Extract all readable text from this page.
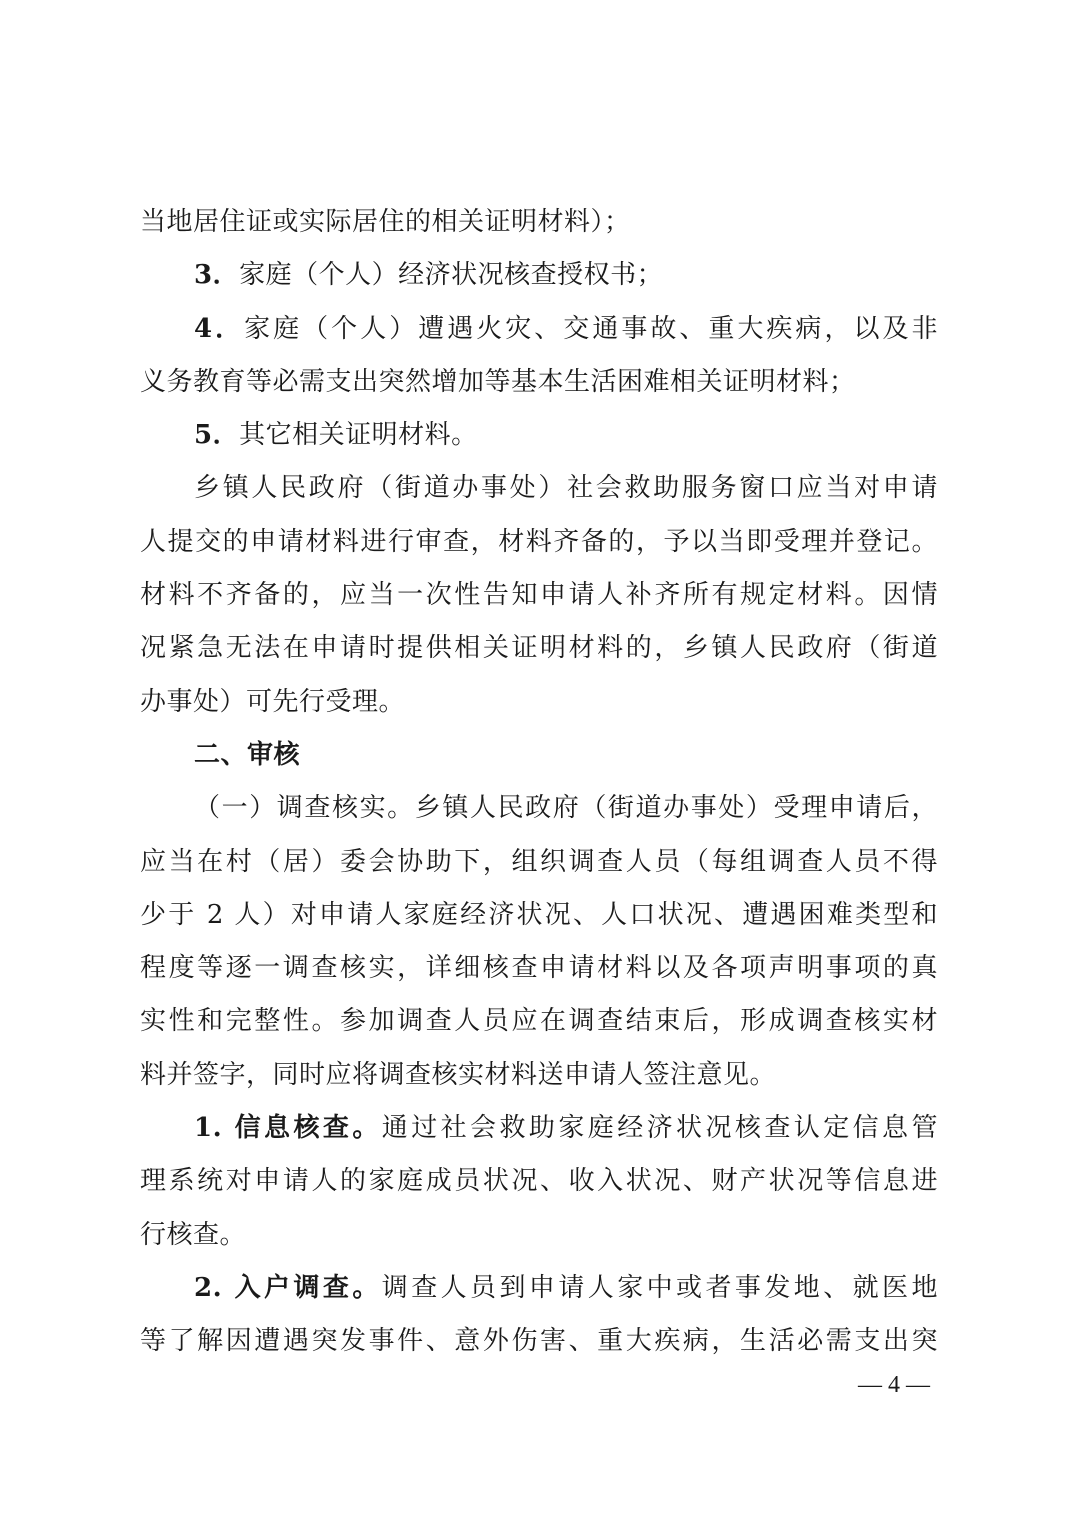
当地居住证或实际居住的相关证明材料）；
3．家庭（个人）经济状况核查授权书；
4．家庭（个人）遭遇火灾、交通事故、重大疾病，以及非
义务教育等必需支出突然增加等基本生活困难相关证明材料；
5．其它相关证明材料。
乡镇人民政府（街道办事处）社会救助服务窗口应当对申请
人提交的申请材料进行审查，材料齐备的，予以当即受理并登记。
材料不齐备的，应当一次性告知申请人补齐所有规定材料。因情
况紧急无法在申请时提供相关证明材料的，乡镇人民政府（街道
办事处）可先行受理。
二、审核
（一）调查核实。乡镇人民政府（街道办事处）受理申请后，
应当在村（居）委会协助下，组织调查人员（每组调查人员不得
少于 2 人）对申请人家庭经济状况、人口状况、遭遇困难类型和
程度等逐一调查核实，详细核查申请材料以及各项声明事项的真
实性和完整性。参加调查人员应在调查结束后，形成调查核实材
料并签字，同时应将调查核实材料送申请人签注意见。
1. 信息核查。通过社会救助家庭经济状况核查认定信息管
理系统对申请人的家庭成员状况、收入状况、财产状况等信息进
行核查。
2. 入户调查。调查人员到申请人家中或者事发地、就医地
等了解因遭遇突发事件、意外伤害、重大疾病，生活必需支出突
— 4 —
